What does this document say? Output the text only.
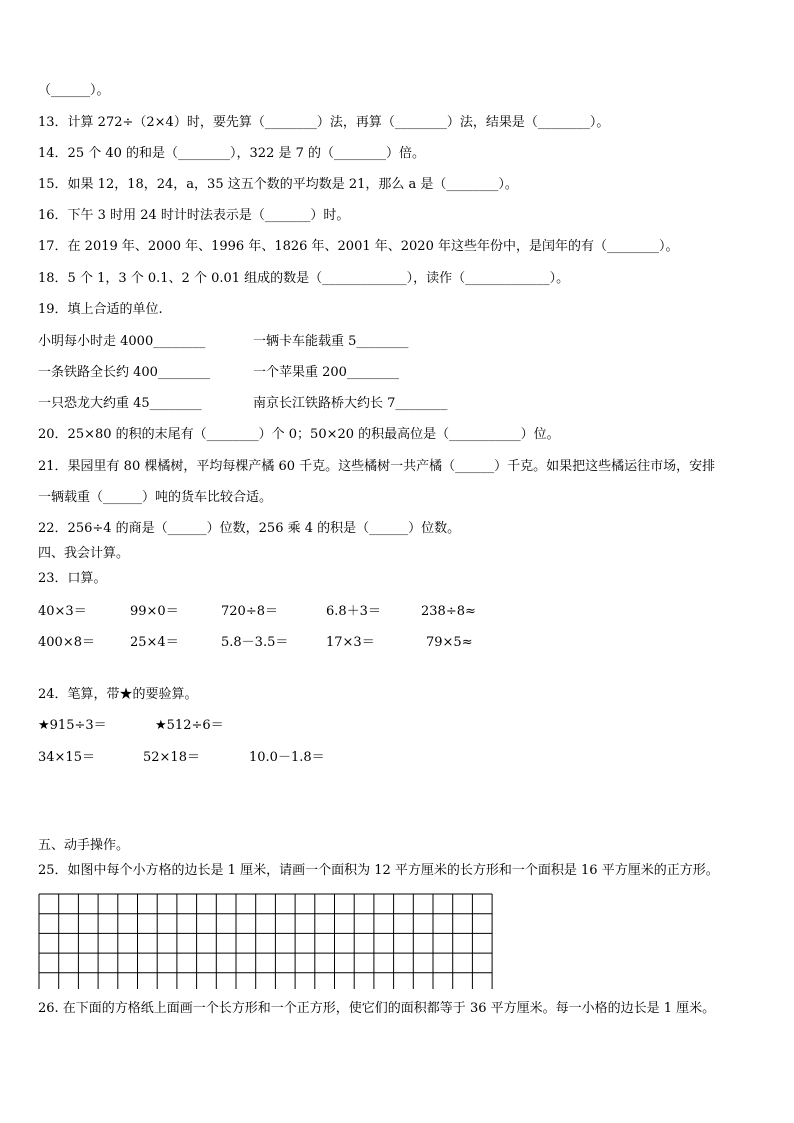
（______）。
13．计算 272÷（2×4）时，要先算（________）法，再算（________）法，结果是（________）。
14．25 个 40 的和是（________），322 是 7 的（________）倍。
15．如果 12，18，24，a，35 这五个数的平均数是 21，那么 a 是（________）。
16．下午 3 时用 24 时计时法表示是（_______）时。
17．在 2019 年、2000 年、1996 年、1826 年、2001 年、2020 年这些年份中，是闰年的有（________）。
18．5 个 1，3 个 0.1、2 个 0.01 组成的数是（_____________），读作（_____________）。
19．填上合适的单位.
小明每小时走 4000________	一辆卡车能载重 5________
一条铁路全长约 400________	一个苹果重 200________
一只恐龙大约重 45________	南京长江铁路桥大约长 7________
20．25×80 的积的末尾有（________）个 0；50×20 的积最高位是（___________）位。
21．果园里有 80 棵橘树，平均每棵产橘 60 千克。这些橘树一共产橘（______）千克。如果把这些橘运往市场，安排
一辆载重（______）吨的货车比较合适。
22．256÷4 的商是（______）位数，256 乘 4 的积是（______）位数。
四、我会计算。
23．口算。
40×3＝	99×0＝	720÷8＝	6.8＋3＝	238÷8≈
400×8＝	25×4＝	5.8－3.5＝	17×3＝	79×5≈
24．笔算，带★的要验算。
★915÷3＝	★512÷6＝
34×15＝	52×18＝	10.0－1.8＝
五、动手操作。
25．如图中每个小方格的边长是 1 厘米，请画一个面积为 12 平方厘米的长方形和一个面积是 16 平方厘米的正方形。
26. 在下面的方格纸上面画一个长方形和一个正方形，使它们的面积都等于 36 平方厘米。每一小格的边长是 1 厘米。
